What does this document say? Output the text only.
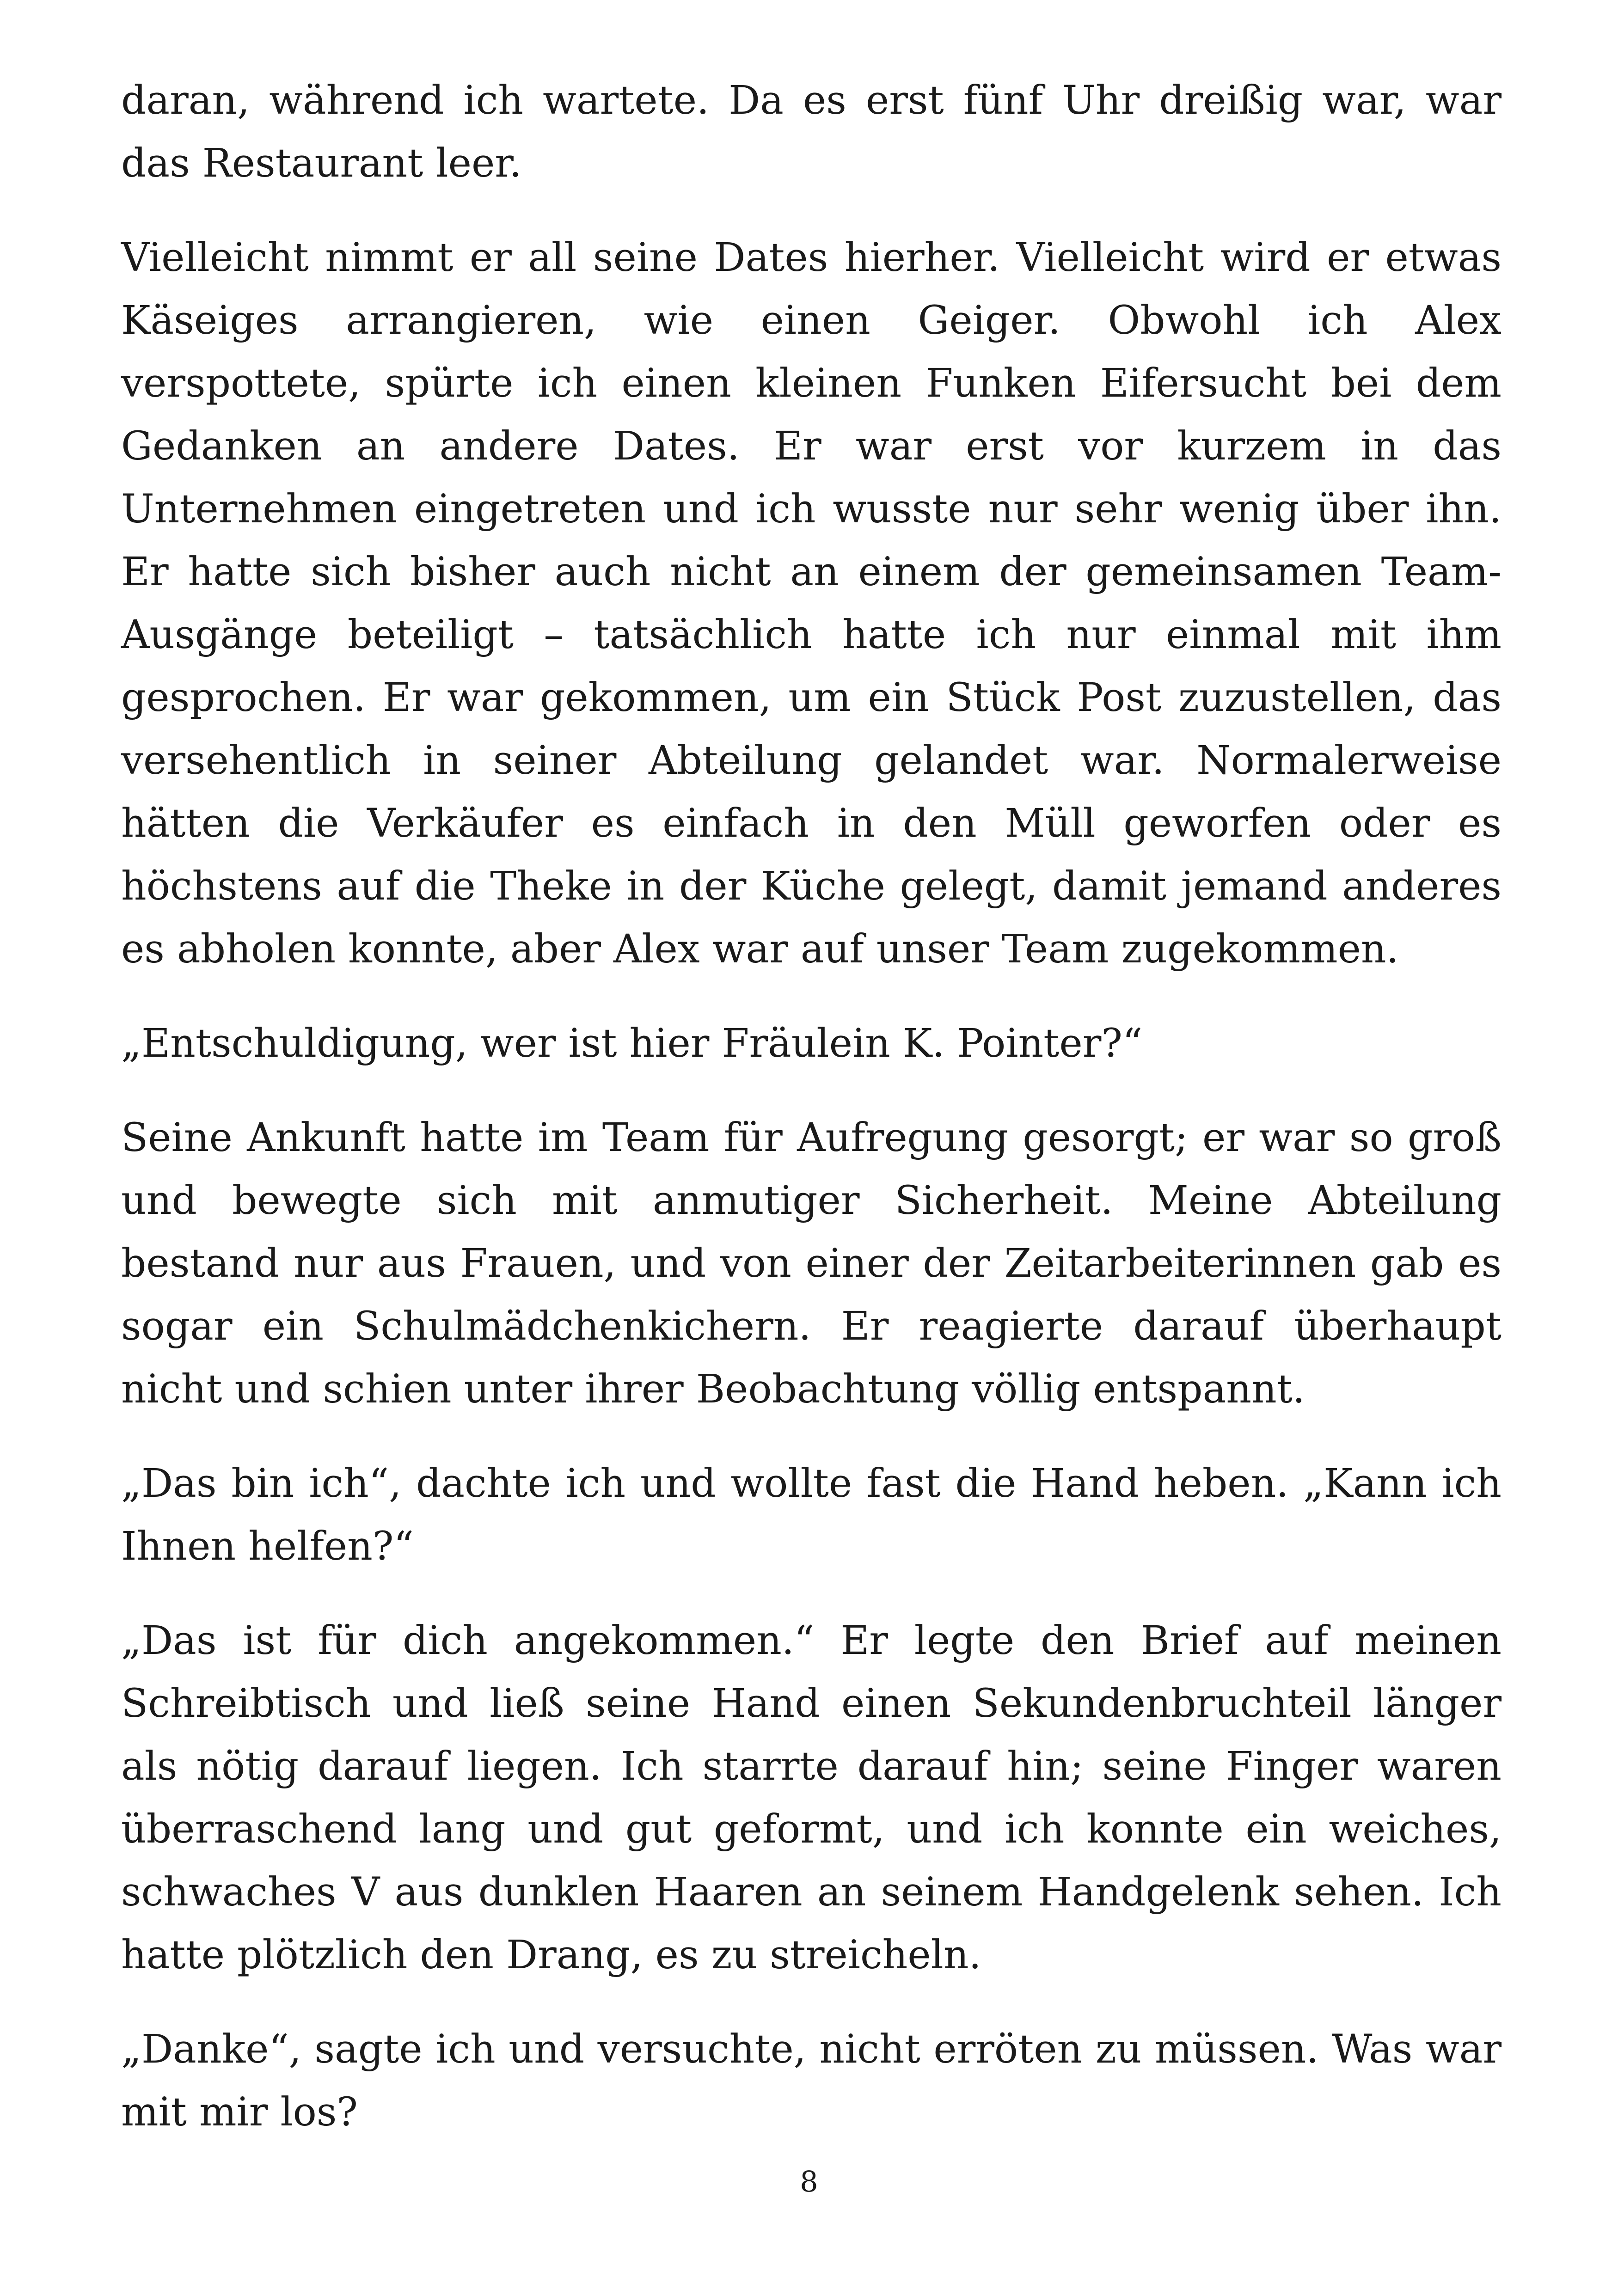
daran, während ich wartete. Da es erst fünf Uhr dreißig war, war das Restaurant leer.

Vielleicht nimmt er all seine Dates hierher. Vielleicht wird er etwas Käseiges arrangieren, wie einen Geiger. Obwohl ich Alex verspottete, spürte ich einen kleinen Funken Eifersucht bei dem Gedanken an andere Dates. Er war erst vor kurzem in das Unternehmen eingetreten und ich wusste nur sehr wenig über ihn. Er hatte sich bisher auch nicht an einem der gemeinsamen Team-Ausgänge beteiligt – tatsächlich hatte ich nur einmal mit ihm gesprochen. Er war gekommen, um ein Stück Post zuzustellen, das versehentlich in seiner Abteilung gelandet war. Normalerweise hätten die Verkäufer es einfach in den Müll geworfen oder es höchstens auf die Theke in der Küche gelegt, damit jemand anderes es abholen konnte, aber Alex war auf unser Team zugekommen.

„Entschuldigung, wer ist hier Fräulein K. Pointer?“

Seine Ankunft hatte im Team für Aufregung gesorgt; er war so groß und bewegte sich mit anmutiger Sicherheit. Meine Abteilung bestand nur aus Frauen, und von einer der Zeitarbeiterinnen gab es sogar ein Schulmädchenkichern. Er reagierte darauf überhaupt nicht und schien unter ihrer Beobachtung völlig entspannt.

„Das bin ich“, dachte ich und wollte fast die Hand heben. „Kann ich Ihnen helfen?“

„Das ist für dich angekommen.“ Er legte den Brief auf meinen Schreibtisch und ließ seine Hand einen Sekundenbruchteil länger als nötig darauf liegen. Ich starrte darauf hin; seine Finger waren überraschend lang und gut geformt, und ich konnte ein weiches, schwaches V aus dunklen Haaren an seinem Handgelenk sehen. Ich hatte plötzlich den Drang, es zu streicheln.

„Danke“, sagte ich und versuchte, nicht erröten zu müssen. Was war mit mir los?

8
